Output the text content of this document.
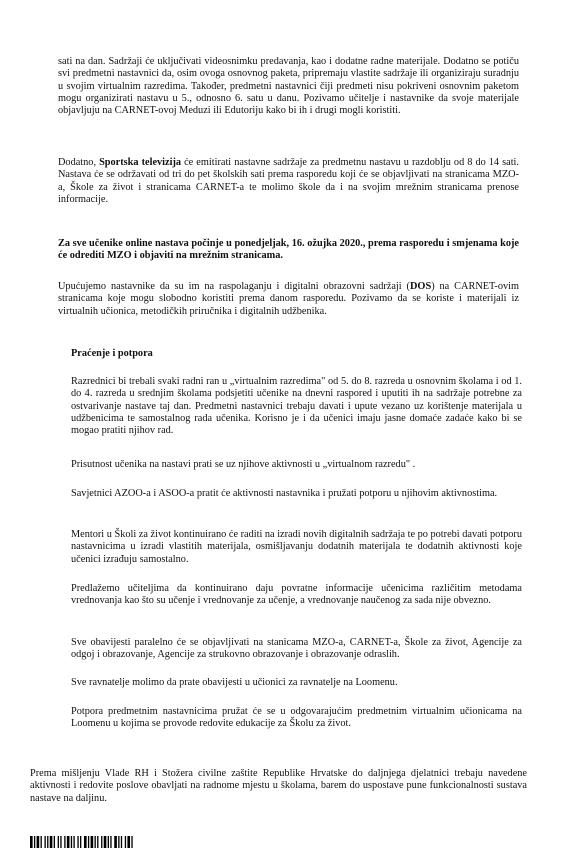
sati na dan. Sadržaji će uključivati videosnimku predavanja, kao i dodatne radne materijale. Dodatno se potiču svi predmetni nastavnici da, osim ovoga osnovnog paketa, pripremaju vlastite sadržaje ili organiziraju suradnju u svojim virtualnim razredima. Također, predmetni nastavnici čiji predmeti nisu pokriveni osnovnim paketom mogu organizirati nastavu u 5., odnosno 6. satu u danu. Pozivamo učitelje i nastavnike da svoje materijale objavljuju na CARNET-ovoj Meduzi ili Edutoriju kako bi ih i drugi mogli koristiti.

Dodatno, Sportska televizija će emitirati nastavne sadržaje za predmetnu nastavu u razdoblju od 8 do 14 sati. Nastava će se održavati od tri do pet školskih sati prema rasporedu koji će se objavljivati na stranicama MZO-a, Škole za život i stranicama CARNET-a te molimo škole da i na svojim mrežnim stranicama prenose informacije.

Za sve učenike online nastava počinje u ponedjeljak, 16. ožujka 2020., prema rasporedu i smjenama koje će odrediti MZO i objaviti na mrežnim stranicama.

Upućujemo nastavnike da su im na raspolaganju i digitalni obrazovni sadržaji (DOS) na CARNET-ovim stranicama koje mogu slobodno koristiti prema danom rasporedu. Pozivamo da se koriste i materijali iz virtualnih učionica, metodičkih priručnika i digitalnih udžbenika.

Praćenje i potpora

Razrednici bi trebali svaki radni ran u „virtualnim razredima" od 5. do 8. razreda u osnovnim školama i od 1. do 4. razreda u srednjim školama podsjetiti učenike na dnevni raspored i uputiti ih na sadržaje potrebne za ostvarivanje nastave taj dan. Predmetni nastavnici trebaju davati i upute vezano uz korištenje materijala u udžbenicima te samostalnog rada učenika. Korisno je i da učenici imaju jasne domaće zadaće kako bi se mogao pratiti njihov rad.

Prisutnost učenika na nastavi prati se uz njihove aktivnosti u „virtualnom razredu" .

Savjetnici AZOO-a i ASOO-a pratit će aktivnosti nastavnika i pružati potporu u njihovim aktivnostima.

Mentori u Školi za život kontinuirano će raditi na izradi novih digitalnih sadržaja te po potrebi davati potporu nastavnicima u izradi vlastitih materijala, osmišljavanju dodatnih materijala te dodatnih aktivnosti koje učenici izrađuju samostalno.

Predlažemo učiteljima da kontinuirano daju povratne informacije učenicima različitim metodama vrednovanja kao što su učenje i vrednovanje za učenje, a vrednovanje naučenog za sada nije obvezno.

Sve obavijesti paralelno će se objavljivati na stanicama MZO-a, CARNET-a, Škole za život, Agencije za odgoj i obrazovanje, Agencije za strukovno obrazovanje i obrazovanje odraslih.

Sve ravnatelje molimo da prate obavijesti u učionici za ravnatelje na Loomenu.

Potpora predmetnim nastavnicima pružat će se u odgovarajućim predmetnim virtualnim učionicama na Loomenu u kojima se provode redovite edukacije za Školu za život.

Prema mišljenju Vlade RH i Stožera civilne zaštite Republike Hrvatske do daljnjega djelatnici trebaju navedene aktivnosti i redovite poslove obavljati na radnome mjestu u školama, barem do uspostave pune funkcionalnosti sustava nastave na daljinu.
